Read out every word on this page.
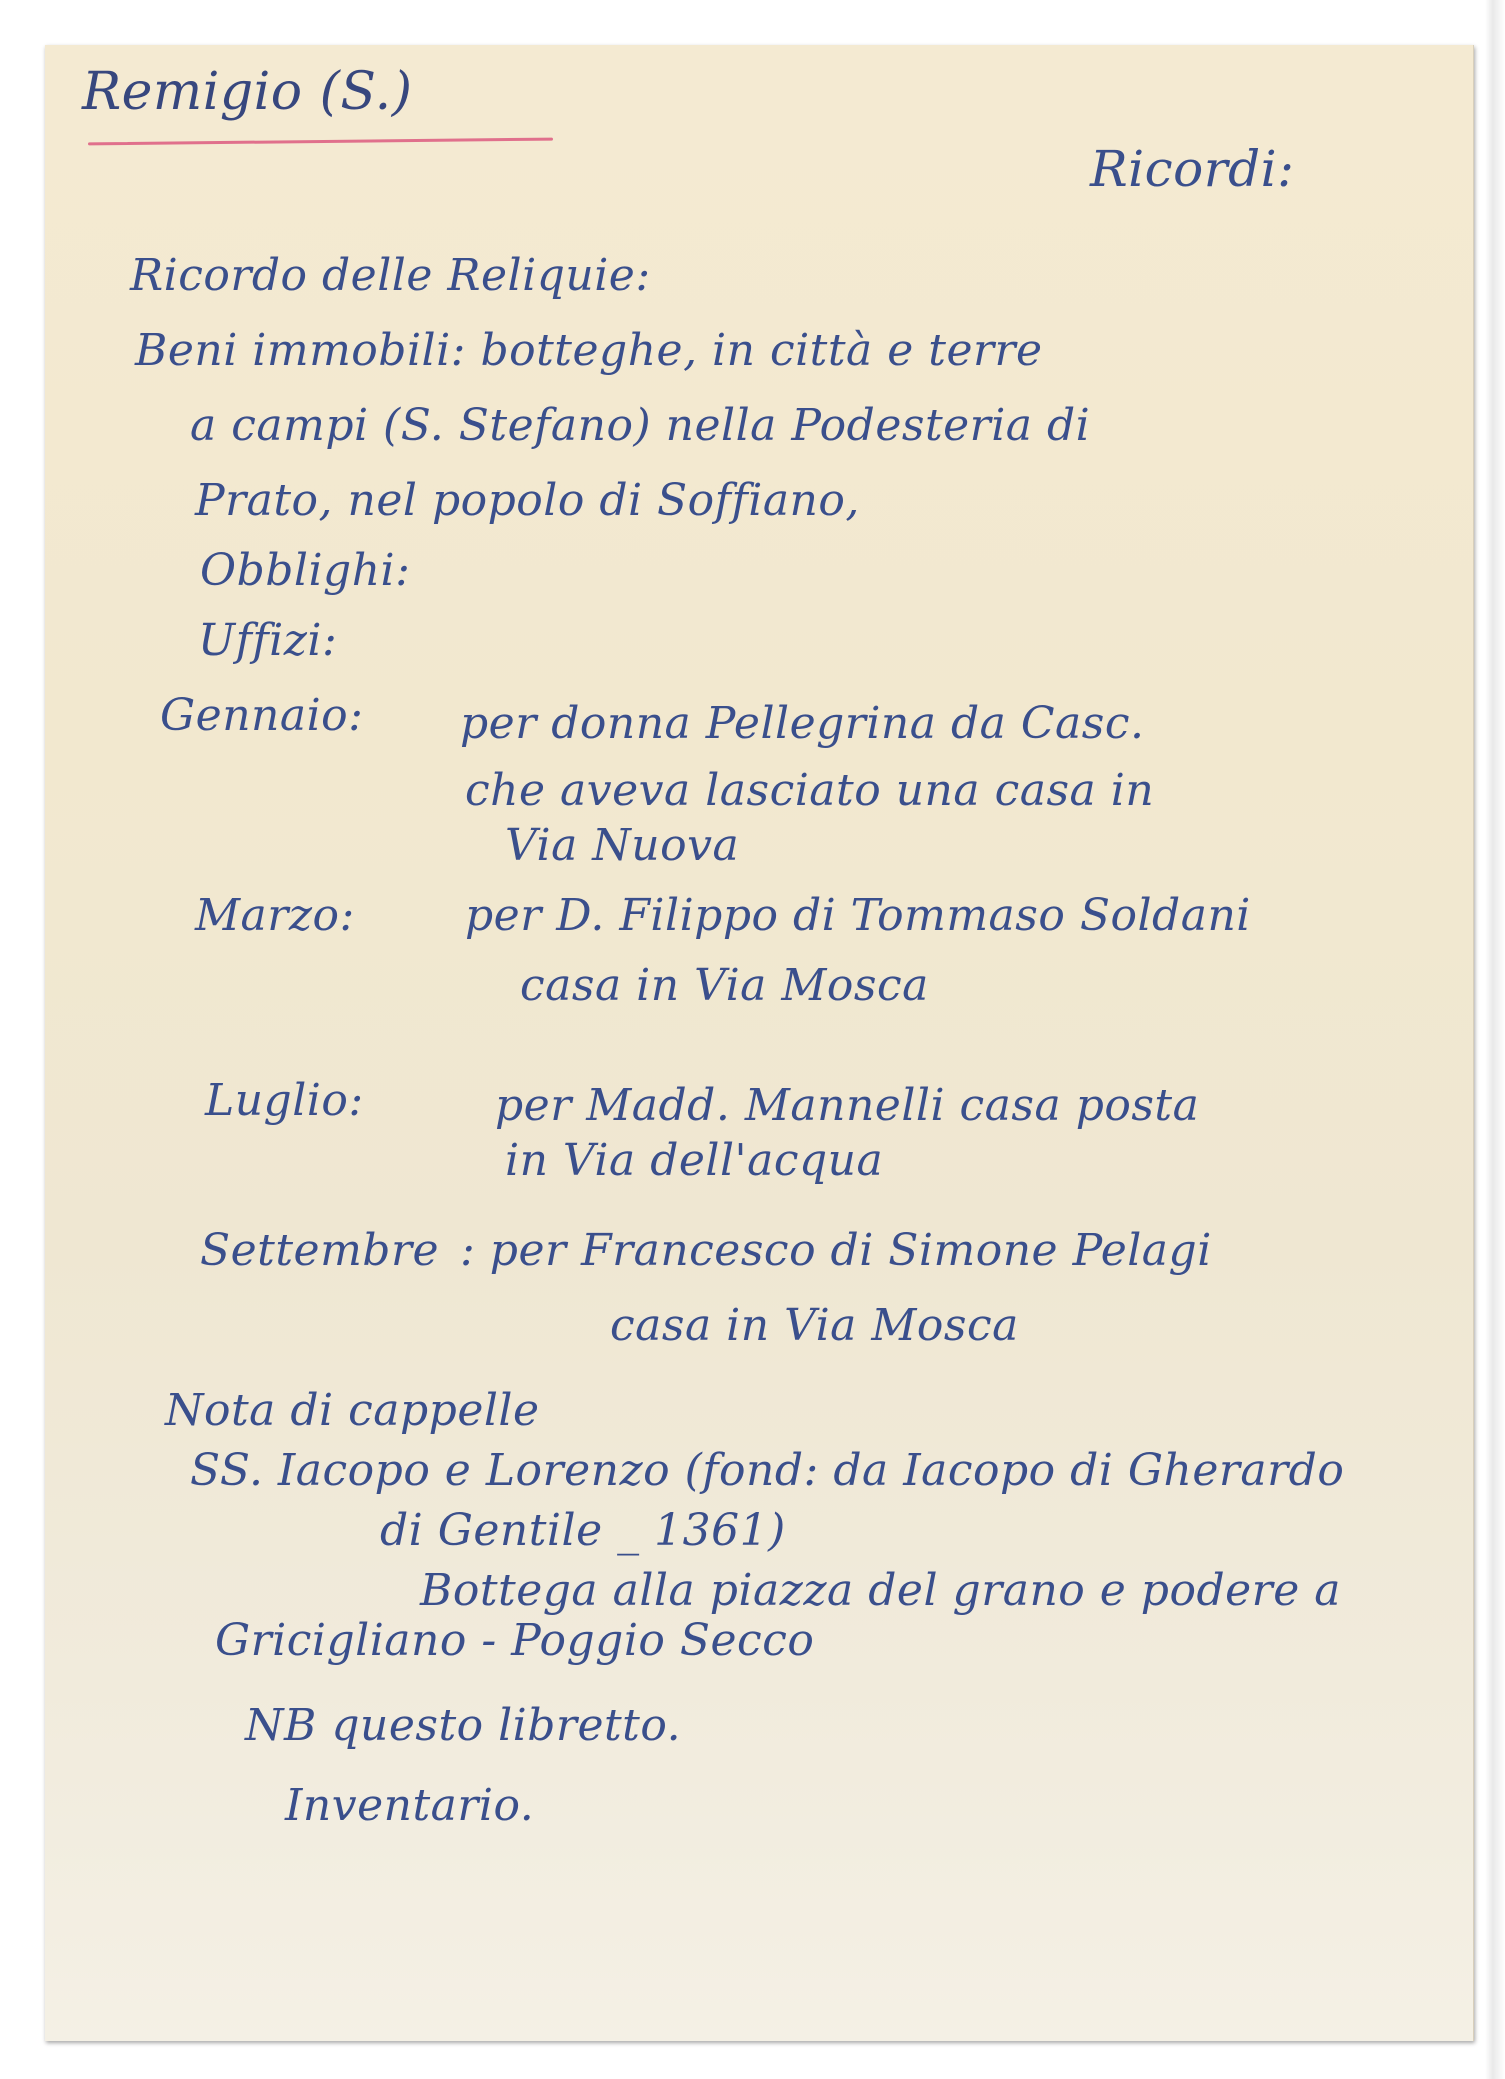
Remigio (S.)
Ricordi:
Ricordo delle Reliquie:
Beni immobili: botteghe, in città e terre
a campi (S. Stefano) nella Podesteria di
Prato, nel popolo di Soffiano,
Obblighi:
Uffizi:
Gennaio: per donna Pellegrina da Casc.
che aveva lasciato una casa in
Via Nuova
Marzo:	per D. Filippo di Tommaso Soldani
casa in Via Mosca
Luglio:	per Madd. Mannelli casa posta
in Via dell'acqua
Settembre : per Francesco di Simone Pelagi
casa in Via Mosca
Nota di cappelle
SS. Iacopo e Lorenzo (fond: da Iacopo di Gherardo
di Gentile _ 1361)
Bottega alla piazza del grano e podere a
Gricigliano - Poggio Secco
NB questo libretto.
Inventario.
